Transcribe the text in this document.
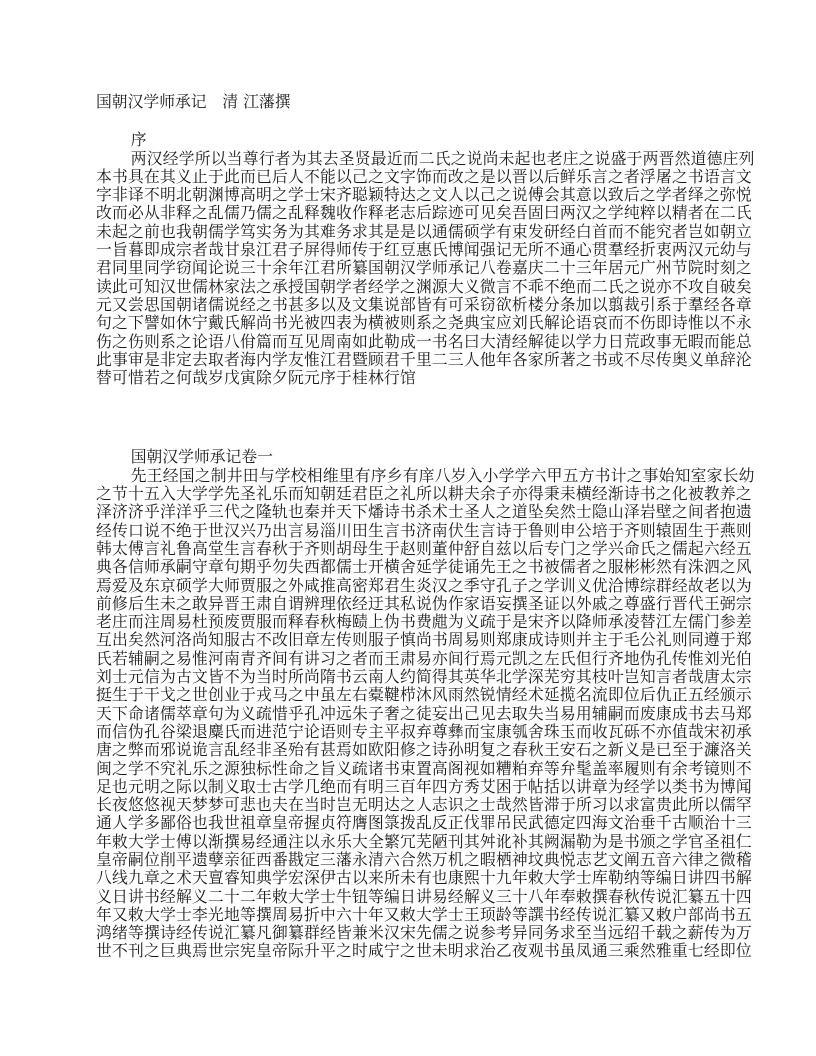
国朝汉学师承记　清 江藩撰
序
两汉经学所以当尊行者为其去圣贤最近而二氏之说尚未起也老庄之说盛于两晋然道德庄列
本书具在其义止于此而已后人不能以己之文字饰而改之是以晋以后鲜乐言之者浮屠之书语言文
字非译不明北朝渊博高明之学士宋齐聪颖特达之文人以己之说傅会其意以致后之学者绎之弥悦
改而必从非释之乱儒乃儒之乱释魏收作释老志后踪迹可见矣吾固曰两汉之学纯粹以精者在二氏
未起之前也我朝儒学笃实务为其难务求其是是以通儒硕学有束发研经白首而不能究者岂如朝立
一旨暮即成宗者哉甘泉江君子屏得师传于红豆惠氏博闻强记无所不通心贯羣经折衷两汉元幼与
君同里同学窃闻论说三十余年江君所纂国朝汉学师承记八卷嘉庆二十三年居元广州节院时刻之
读此可知汉世儒林家法之承授国朝学者经学之渊源大义微言不乖不绝而二氏之说亦不攻自破矣
元又尝思国朝诸儒说经之书甚多以及文集说部皆有可采窃欲析楼分条加以翦裁引系于羣经各章
句之下譬如休宁戴氏解尚书光被四表为横被则系之尧典宝应刘氏解论语哀而不伤即诗惟以不永
伤之伤则系之论语八佾篇而互见周南如此勒成一书名曰大清经解徒以学力日荒政事无暇而能总
此事审是非定去取者海内学友惟江君暨顾君千里二三人他年各家所著之书或不尽传奥义单辞沦
替可惜若之何哉岁戊寅除夕阮元序于桂林行馆
国朝汉学师承记卷一
先王经国之制井田与学校相维里有序乡有庠八岁入小学学六甲五方书计之事始知室家长幼
之节十五入大学学先圣礼乐而知朝廷君臣之礼所以耕夫余子亦得秉耒横经渐诗书之化被教养之
泽济济乎洋洋乎三代之隆轨也秦并天下燔诗书杀术士圣人之道坠矣然士隐山泽岩壁之间者抱遗
经传口说不绝于世汉兴乃出言易淄川田生言书济南伏生言诗于鲁则申公培于齐则辕固生于燕则
韩太傅言礼鲁高堂生言春秋于齐则胡母生于赵则董仲舒自兹以后专门之学兴命氏之儒起六经五
典各信师承嗣守章句期乎勿失西都儒士开横舍延学徒诵先王之书被儒者之服彬彬然有洙泗之风
焉爱及东京硕学大师贾服之外咸推高密郑君生炎汉之季守孔子之学训义优洽博综群经故老以为
前修后生未之敢异晋王肃自谓辨理依经迂其私说伪作家语妄撰圣证以外戚之尊盛行晋代王弼宗
老庄而注周易杜预废贾服而释春秋梅赜上伪书费甝为义疏于是宋齐以降师承凌替江左儒门参差
互出矣然河洛尚知服古不改旧章左传则服子慎尚书周易则郑康成诗则并主于毛公礼则同遵于郑
氏若辅嗣之易惟河南青齐间有讲习之者而王肃易亦间行焉元凯之左氏但行齐地伪孔传惟刘光伯
刘士元信为古文皆不为当时所尚隋书云南人约简得其英华北学深芜穷其枝叶岂知言者哉唐太宗
挺生于干戈之世创业于戎马之中虽左右橐鞬栉沐风雨然锐情经术延揽名流即位后仇正五经颁示
天下命诸儒萃章句为义疏惜乎孔冲远朱子奢之徒妄出己见去取失当易用辅嗣而废康成书去马郑
而信伪孔谷梁退麋氏而进范宁论语则专主平叔弃尊彝而宝康瓠舍珠玉而收瓦砾不亦值哉宋初承
唐之弊而邪说诡言乱经非圣殆有甚焉如欧阳修之诗孙明复之春秋王安石之新义是已至于濂洛关
闽之学不究礼乐之源独标性命之旨义疏诸书束置高阁视如糟粕弃等弁髦盖率履则有余考镜则不
足也元明之际以制义取士古学几绝而有明三百年四方秀艾困于帖括以讲章为经学以类书为博闻
长夜悠悠视天梦梦可悲也夫在当时岂无明达之人志识之士哉然皆滞于所习以求富贵此所以儒罕
通人学多鄙俗也我世祖章皇帝握贞符膺图箓拨乱反正伐罪吊民武德定四海文治垂千古顺治十三
年敕大学士傅以渐撰易经通注以永乐大全繁冗芜陋刊其舛讹补其阙漏勒为是书颁之学官圣祖仁
皇帝嗣位削平遗孽亲征西番戡定三藩永清六合然万机之暇栖神坟典悦志艺文阐五音六律之微稽
八线九章之术天亶睿知典学宏深伊古以来所未有也康熙十九年敕大学士库勒纳等编日讲四书解
义日讲书经解义二十二年敕大学士牛钮等编日讲易经解义三十八年奉敕撰春秋传说汇纂五十四
年又敕大学士李光地等撰周易折中六十年又敕大学士王顼龄等譔书经传说汇纂又敕户部尚书五
鸿绪等撰诗经传说汇纂凡御纂群经皆兼米汉宋先儒之说参考异同务求至当远绍千载之薪传为万
世不刊之巨典焉世宗宪皇帝际升平之时咸宁之世未明求治乙夜观书虽凤通三乘然雅重七经即位
